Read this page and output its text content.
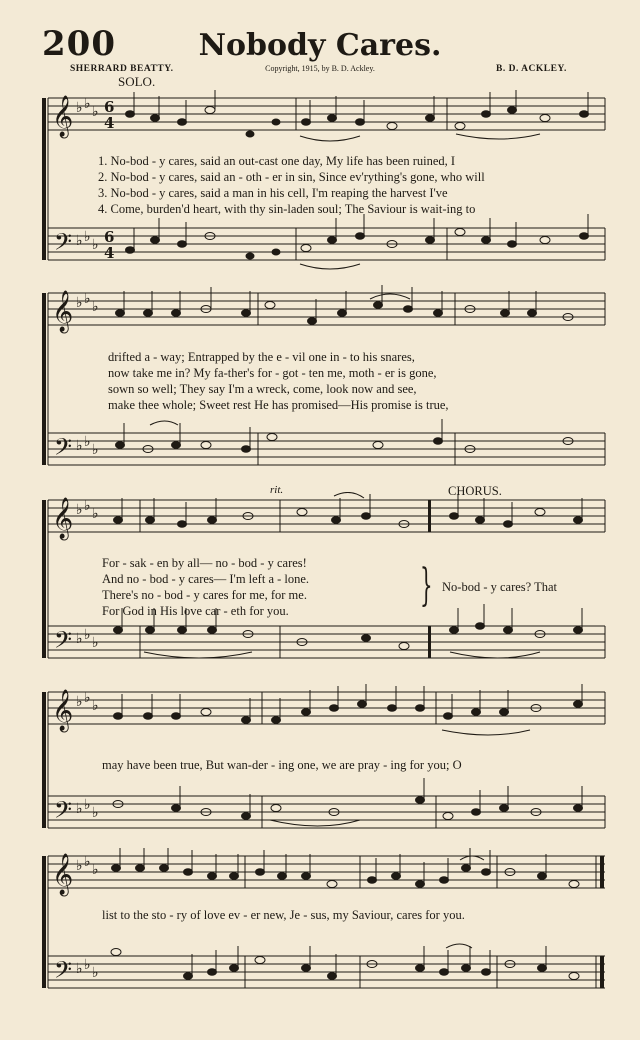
200	Nobody Cares.
SHERRARD BEATTY.	Copyright, 1915, by B. D. Ackley.	B. D. ACKLEY.
SOLO.
𝄞
𝄢
♭ ♭
♭
♭ ♭
♭
6
4
6
4
1. No-bod - y cares, said an out-cast one day, My life has been ruined, I
2. No-bod - y cares, said an - oth - er in sin, Since ev'rything's gone, who will
3. No-bod - y cares, said a man in his cell, I'm reaping the harvest I've
4. Come, burden'd heart, with thy sin-laden soul; The Saviour is wait-ing to
𝄞
𝄢
♭ ♭
♭
♭ ♭
♭
drifted a - way; Entrapped by the e - vil one in - to his snares,
now take me in? My fa-ther's for - got - ten me, moth - er is gone,
sown so well; They say I'm a wreck, come, look now and see,
make thee whole; Sweet rest He has promised—His promise is true,
rit.	CHORUS.
𝄞
𝄢
♭ ♭
♭
♭ ♭
♭
For - sak - en by all— no - bod - y cares!
And no - bod - y cares— I'm left a - lone.
There's no - bod - y cares for me, for me.
For God in His love car - eth for you.	} No-bod - y cares? That
𝄞
𝄢
♭ ♭
♭
♭ ♭
♭
may have been true, But wan-der - ing one, we are pray - ing for you; O
𝄞
𝄢
♭ ♭
♭
♭ ♭
♭
list to the sto - ry of love ev - er new, Je - sus, my Saviour, cares for you.
